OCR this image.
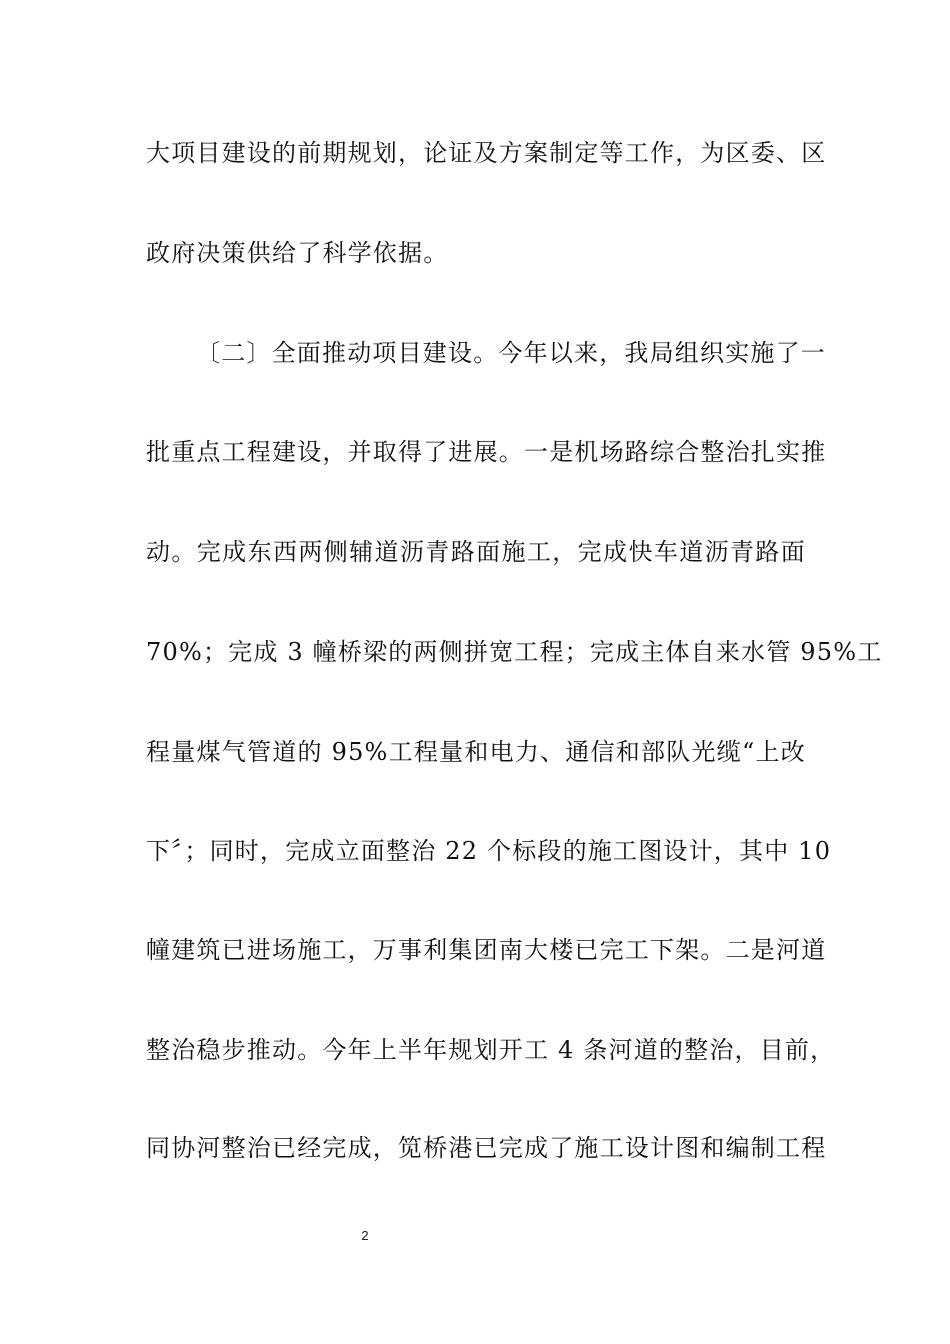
大项目建设的前期规划，论证及方案制定等工作，为区委、区
政府决策供给了科学依据。
〔二〕全面推动项目建设。今年以来，我局组织实施了一
批重点工程建设，并取得了进展。一是机场路综合整治扎实推
动。完成东西两侧辅道沥青路面施工，完成快车道沥青路面
70%；完成 3 幢桥梁的两侧拼宽工程；完成主体自来水管 95%工
程量煤气管道的 95%工程量和电力、通信和部队光缆“上改
下〞；同时，完成立面整治 22 个标段的施工图设计，其中 10
幢建筑已进场施工，万事利集团南大楼已完工下架。二是河道
整治稳步推动。今年上半年规划开工 4 条河道的整治，目前，
同协河整治已经完成，笕桥港已完成了施工设计图和编制工程
2
